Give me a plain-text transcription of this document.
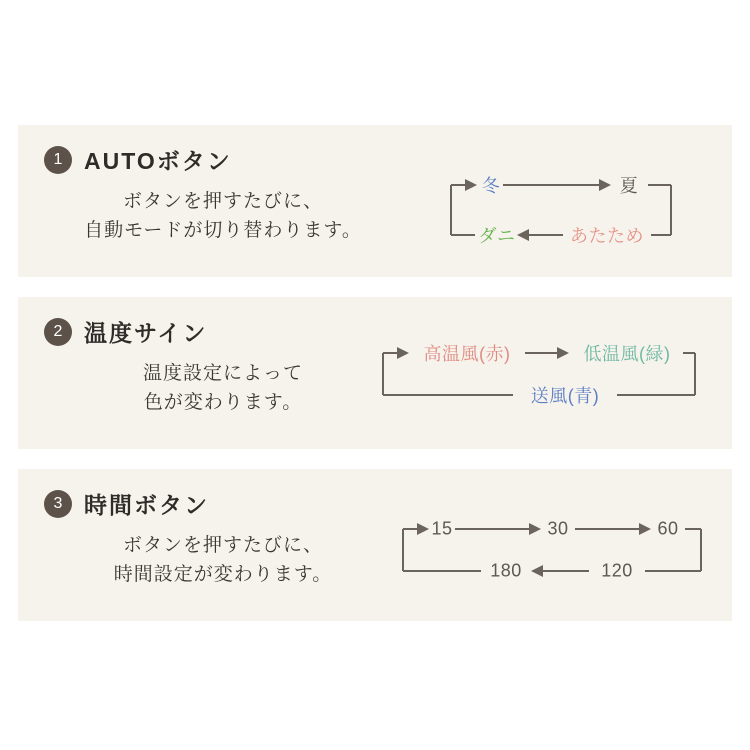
1 AUTOボタン
ボタンを押すたびに、
自動モードが切り替わります。
冬	夏
あたため
ダニ
2 温度サイン
温度設定によって
色が変わります。
高温風(赤)	低温風(緑)
送風(青)
3 時間ボタン
ボタンを押すたびに、
時間設定が変わります。
15	30	60
120
180
